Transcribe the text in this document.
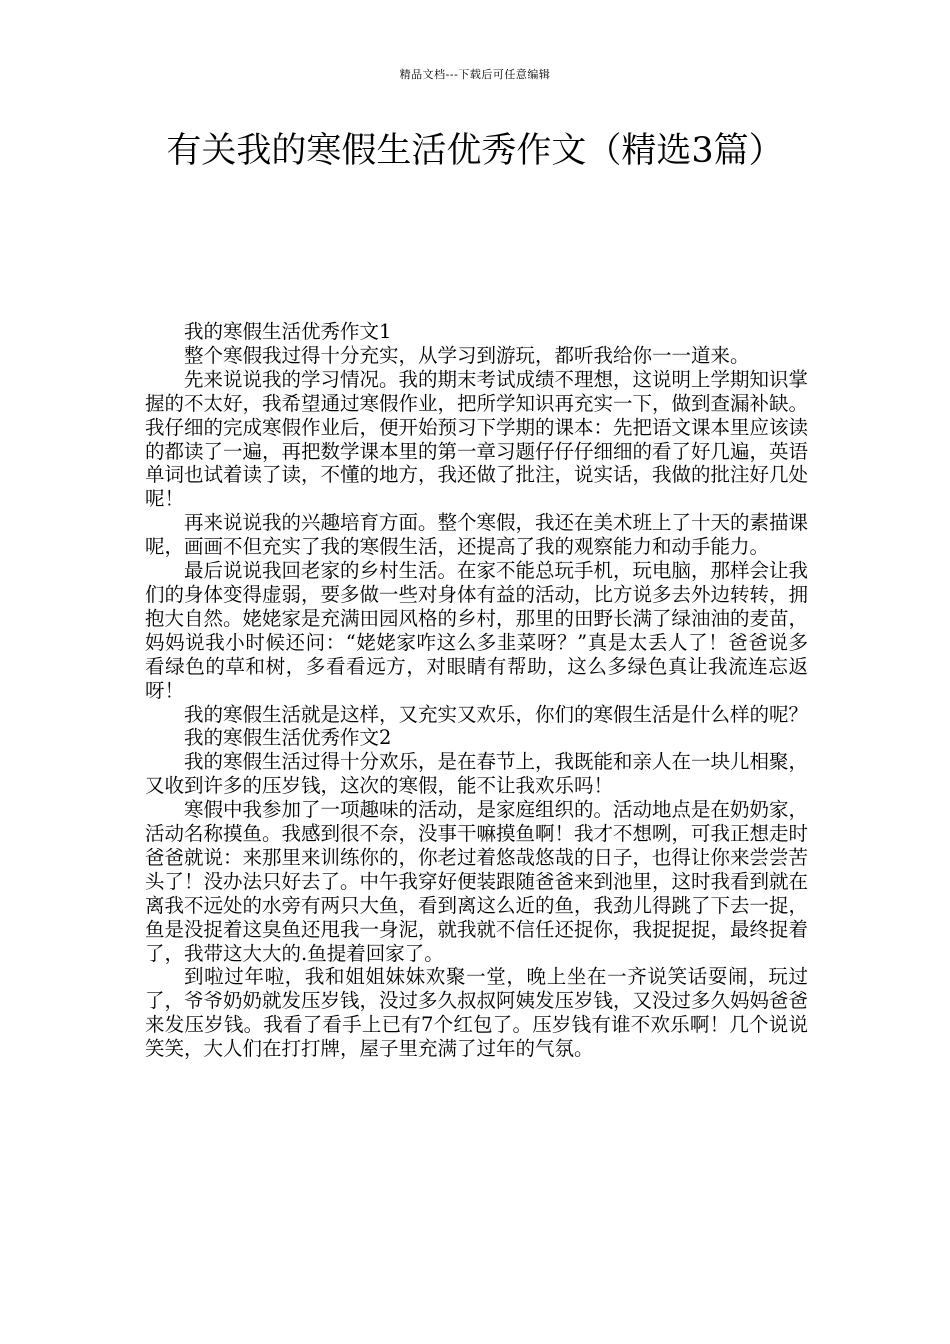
精品文档---下载后可任意编辑
有关我的寒假生活优秀作文（精选3篇）

我的寒假生活优秀作文1

整个寒假我过得十分充实，从学习到游玩，都听我给你一一道来。

先来说说我的学习情况。我的期末考试成绩不理想，这说明上学期知识掌握的不太好，我希望通过寒假作业，把所学知识再充实一下，做到查漏补缺。我仔细的完成寒假作业后，便开始预习下学期的课本：先把语文课本里应该读的都读了一遍，再把数学课本里的第一章习题仔仔仔细细的看了好几遍，英语单词也试着读了读，不懂的地方，我还做了批注，说实话，我做的批注好几处呢！

再来说说我的兴趣培育方面。整个寒假，我还在美术班上了十天的素描课呢，画画不但充实了我的寒假生活，还提高了我的观察能力和动手能力。

最后说说我回老家的乡村生活。在家不能总玩手机，玩电脑，那样会让我们的身体变得虚弱，要多做一些对身体有益的活动，比方说多去外边转转，拥抱大自然。姥姥家是充满田园风格的乡村，那里的田野长满了绿油油的麦苗，妈妈说我小时候还问：“姥姥家咋这么多韭菜呀？”真是太丢人了！爸爸说多看绿色的草和树，多看看远方，对眼睛有帮助，这么多绿色真让我流连忘返呀！

我的寒假生活就是这样，又充实又欢乐，你们的寒假生活是什么样的呢？

我的寒假生活优秀作文2

我的寒假生活过得十分欢乐，是在春节上，我既能和亲人在一块儿相聚，又收到许多的压岁钱，这次的寒假，能不让我欢乐吗！

寒假中我参加了一项趣味的活动，是家庭组织的。活动地点是在奶奶家，活动名称摸鱼。我感到很不奈，没事干嘛摸鱼啊！我才不想咧，可我正想走时爸爸就说：来那里来训练你的，你老过着悠哉悠哉的日子，也得让你来尝尝苦头了！没办法只好去了。中午我穿好便装跟随爸爸来到池里，这时我看到就在离我不远处的水旁有两只大鱼，看到离这么近的鱼，我劲儿得跳了下去一捉，鱼是没捉着这臭鱼还甩我一身泥，就我就不信任还捉你，我捉捉捉，最终捉着了，我带这大大的.鱼提着回家了。

到啦过年啦，我和姐姐妹妹欢聚一堂，晚上坐在一齐说笑话耍闹，玩过了，爷爷奶奶就发压岁钱，没过多久叔叔阿姨发压岁钱，又没过多久妈妈爸爸来发压岁钱。我看了看手上已有7个红包了。压岁钱有谁不欢乐啊！几个说说笑笑，大人们在打打牌，屋子里充满了过年的气氛。
